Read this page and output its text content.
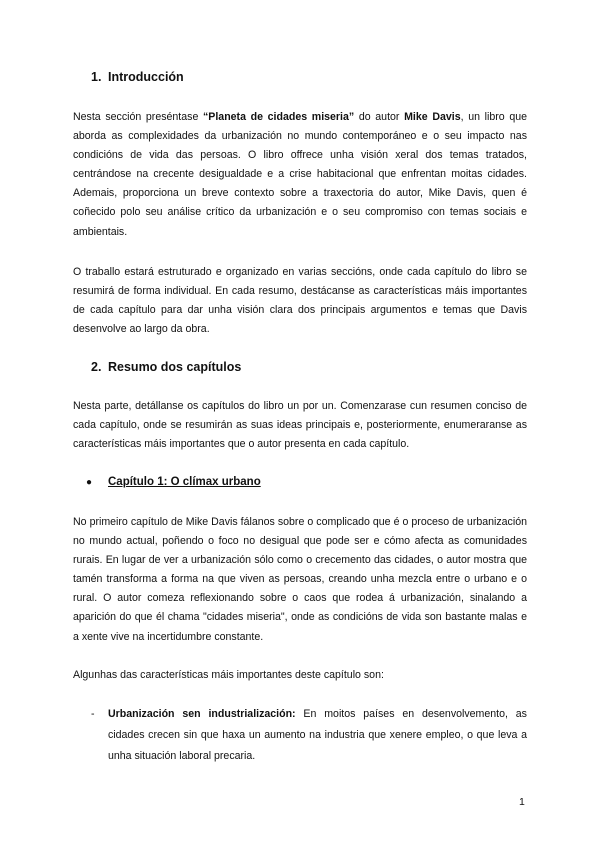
1. Introducción
Nesta sección preséntase “Planeta de cidades miseria” do autor Mike Davis, un libro que aborda as complexidades da urbanización no mundo contemporáneo e o seu impacto nas condicións de vida das persoas. O libro offrece unha visión xeral dos temas tratados, centrándose na crecente desigualdade e a crise habitacional que enfrentan moitas cidades. Ademais, proporciona un breve contexto sobre a traxectoria do autor, Mike Davis, quen é coñecido polo seu análise crítico da urbanización e o seu compromiso con temas sociais e ambientais.
O traballo estará estruturado e organizado en varias seccións, onde cada capítulo do libro se resumirá de forma individual. En cada resumo, destácanse as características máis importantes de cada capítulo para dar unha visión clara dos principais argumentos e temas que Davis desenvolve ao largo da obra.
2. Resumo dos capítulos
Nesta parte, detállanse os capítulos do libro un por un. Comenzarase cun resumen conciso de cada capítulo, onde se resumirán as suas ideas principais e, posteriormente, enumeraranse as características máis importantes que o autor presenta en cada capítulo.
● Capítulo 1: O clímax urbano
No primeiro capítulo de Mike Davis fálanos sobre o complicado que é o proceso de urbanización no mundo actual, poñendo o foco no desigual que pode ser e cómo afecta as comunidades rurais. En lugar de ver a urbanización sólo como o crecemento das cidades, o autor mostra que tamén transforma a forma na que viven as persoas, creando unha mezcla entre o urbano e o rural. O autor comeza reflexionando sobre o caos que rodea á urbanización, sinalando a aparición do que él chama "cidades miseria", onde as condicións de vida son bastante malas e a xente vive na incertidumbre constante.
Algunhas das características máis importantes deste capítulo son:
- Urbanización sen industrialización: En moitos países en desenvolvemento, as cidades crecen sin que haxa un aumento na industria que xenere empleo, o que leva a unha situación laboral precaria.
1
